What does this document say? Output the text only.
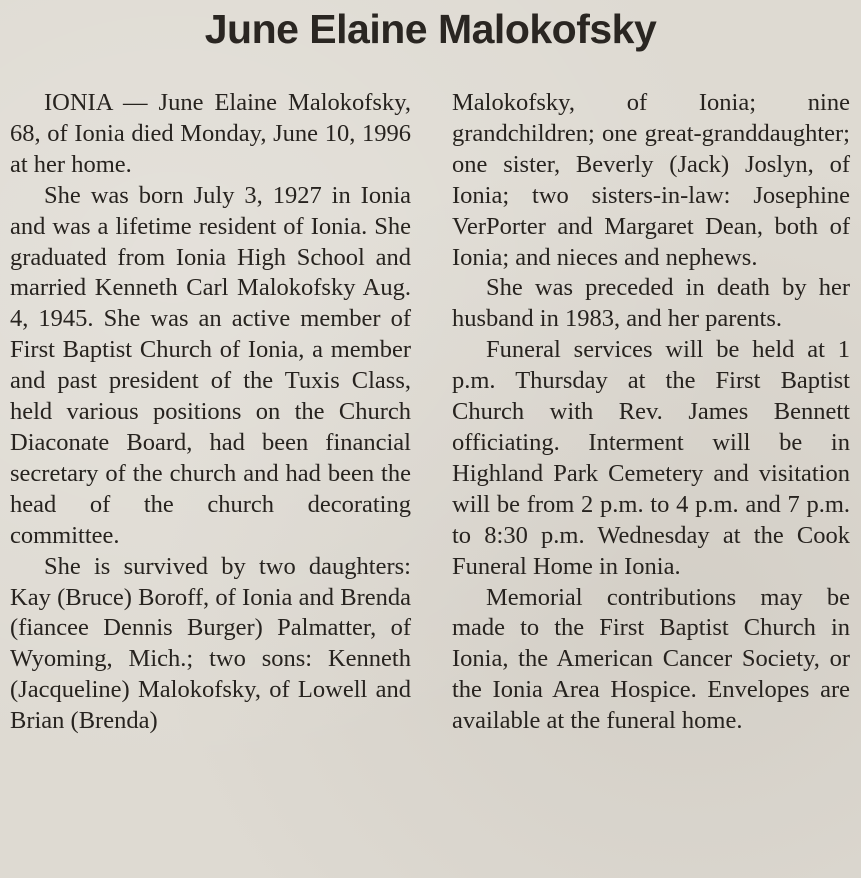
June Elaine Malokofsky

IONIA — June Elaine Malokofsky, 68, of Ionia died Monday, June 10, 1996 at her home.

She was born July 3, 1927 in Ionia and was a lifetime resident of Ionia. She graduated from Ionia High School and married Kenneth Carl Malokofsky Aug. 4, 1945. She was an active member of First Baptist Church of Ionia, a member and past president of the Tuxis Class, held various positions on the Church Diaconate Board, had been financial secretary of the church and had been the head of the church decorating committee.

She is survived by two daughters: Kay (Bruce) Boroff, of Ionia and Brenda (fiancee Dennis Burger) Palmatter, of Wyoming, Mich.; two sons: Kenneth (Jacqueline) Malokofsky, of Lowell and Brian (Brenda)

Malokofsky, of Ionia; nine grandchildren; one great-granddaughter; one sister, Beverly (Jack) Joslyn, of Ionia; two sisters-in-law: Josephine VerPorter and Margaret Dean, both of Ionia; and nieces and nephews.

She was preceded in death by her husband in 1983, and her parents.

Funeral services will be held at 1 p.m. Thursday at the First Baptist Church with Rev. James Bennett officiating. Interment will be in Highland Park Cemetery and visitation will be from 2 p.m. to 4 p.m. and 7 p.m. to 8:30 p.m. Wednesday at the Cook Funeral Home in Ionia.

Memorial contributions may be made to the First Baptist Church in Ionia, the American Cancer Society, or the Ionia Area Hospice. Envelopes are available at the funeral home.
